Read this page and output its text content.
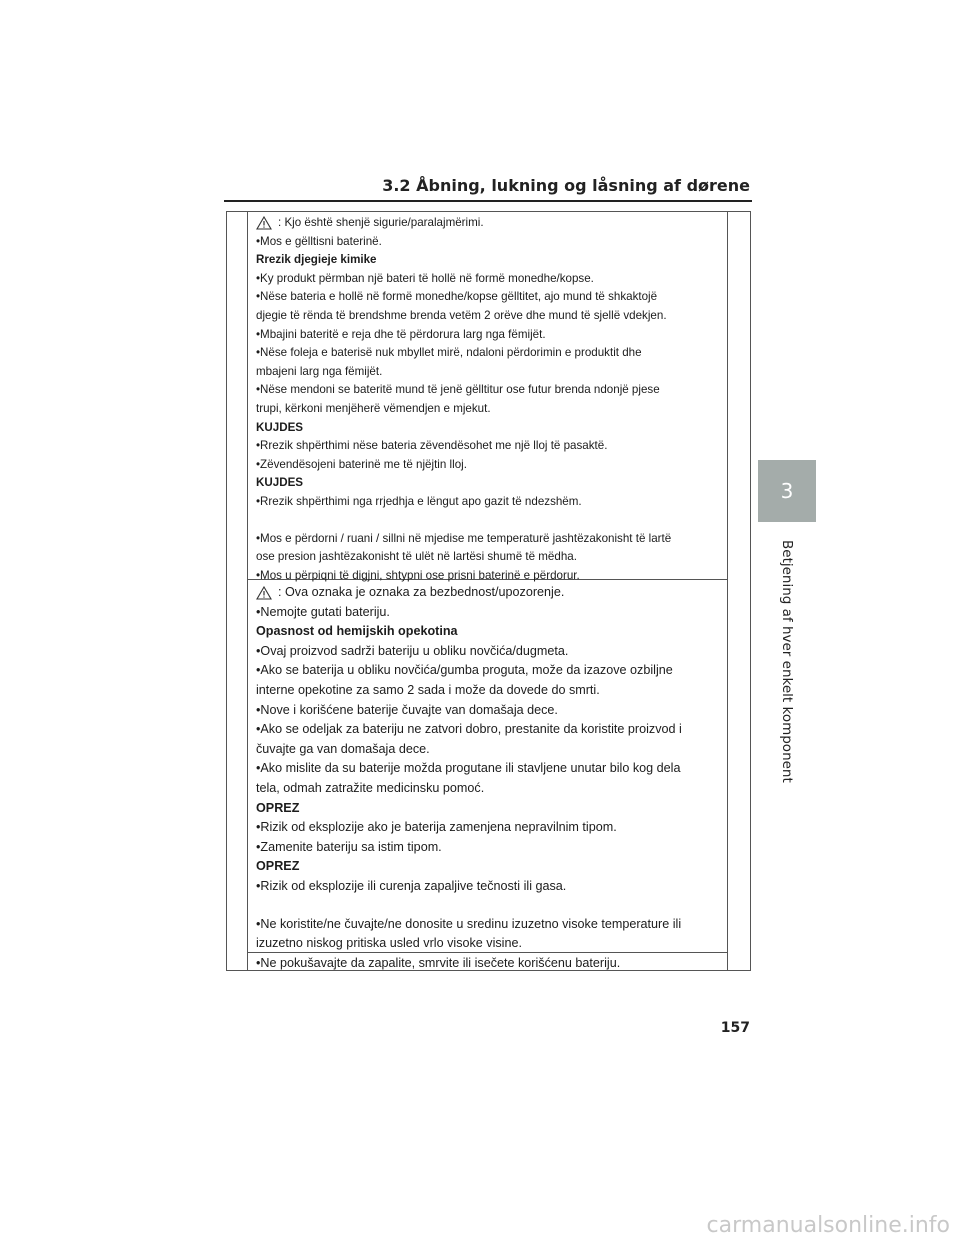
3.2 Åbning, lukning og låsning af dørene
3
Betjening af hver enkelt komponent
: Kjo është shenjë sigurie/paralajmërimi.
•Mos e gëlltisni baterinë.
Rrezik djegieje kimike
•Ky produkt përmban një bateri të hollë në formë monedhe/kopse.
•Nëse bateria e hollë në formë monedhe/kopse gëlltitet, ajo mund të shkaktojë
djegie të rënda të brendshme brenda vetëm 2 orëve dhe mund të sjellë vdekjen.
•Mbajini bateritë e reja dhe të përdorura larg nga fëmijët.
•Nëse foleja e baterisë nuk mbyllet mirë, ndaloni përdorimin e produktit dhe
mbajeni larg nga fëmijët.
•Nëse mendoni se bateritë mund të jenë gëlltitur ose futur brenda ndonjë pjese
trupi, kërkoni menjëherë vëmendjen e mjekut.
KUJDES
•Rrezik shpërthimi nëse bateria zëvendësohet me një lloj të pasaktë.
•Zëvendësojeni baterinë me të njëjtin lloj.
KUJDES
•Rrezik shpërthimi nga rrjedhja e lëngut apo gazit të ndezshëm.
•Mos e përdorni / ruani / sillni në mjedise me temperaturë jashtëzakonisht të lartë
ose presion jashtëzakonisht të ulët në lartësi shumë të mëdha.
•Mos u përpiqni të digjni, shtypni ose prisni baterinë e përdorur.
: Ova oznaka je oznaka za bezbednost/upozorenje.
•Nemojte gutati bateriju.
Opasnost od hemijskih opekotina
•Ovaj proizvod sadrži bateriju u obliku novčića/dugmeta.
•Ako se baterija u obliku novčića/gumba proguta, može da izazove ozbiljne
interne opekotine za samo 2 sada i može da dovede do smrti.
•Nove i korišćene baterije čuvajte van domašaja dece.
•Ako se odeljak za bateriju ne zatvori dobro, prestanite da koristite proizvod i
čuvajte ga van domašaja dece.
•Ako mislite da su baterije možda progutane ili stavljene unutar bilo kog dela
tela, odmah zatražite medicinsku pomoć.
OPREZ
•Rizik od eksplozije ako je baterija zamenjena nepravilnim tipom.
•Zamenite bateriju sa istim tipom.
OPREZ
•Rizik od eksplozije ili curenja zapaljive tečnosti ili gasa.
•Ne koristite/ne čuvajte/ne donosite u sredinu izuzetno visoke temperature ili
izuzetno niskog pritiska usled vrlo visoke visine.
•Ne pokušavajte da zapalite, smrvite ili isečete korišćenu bateriju.
157
carmanualsonline.info
